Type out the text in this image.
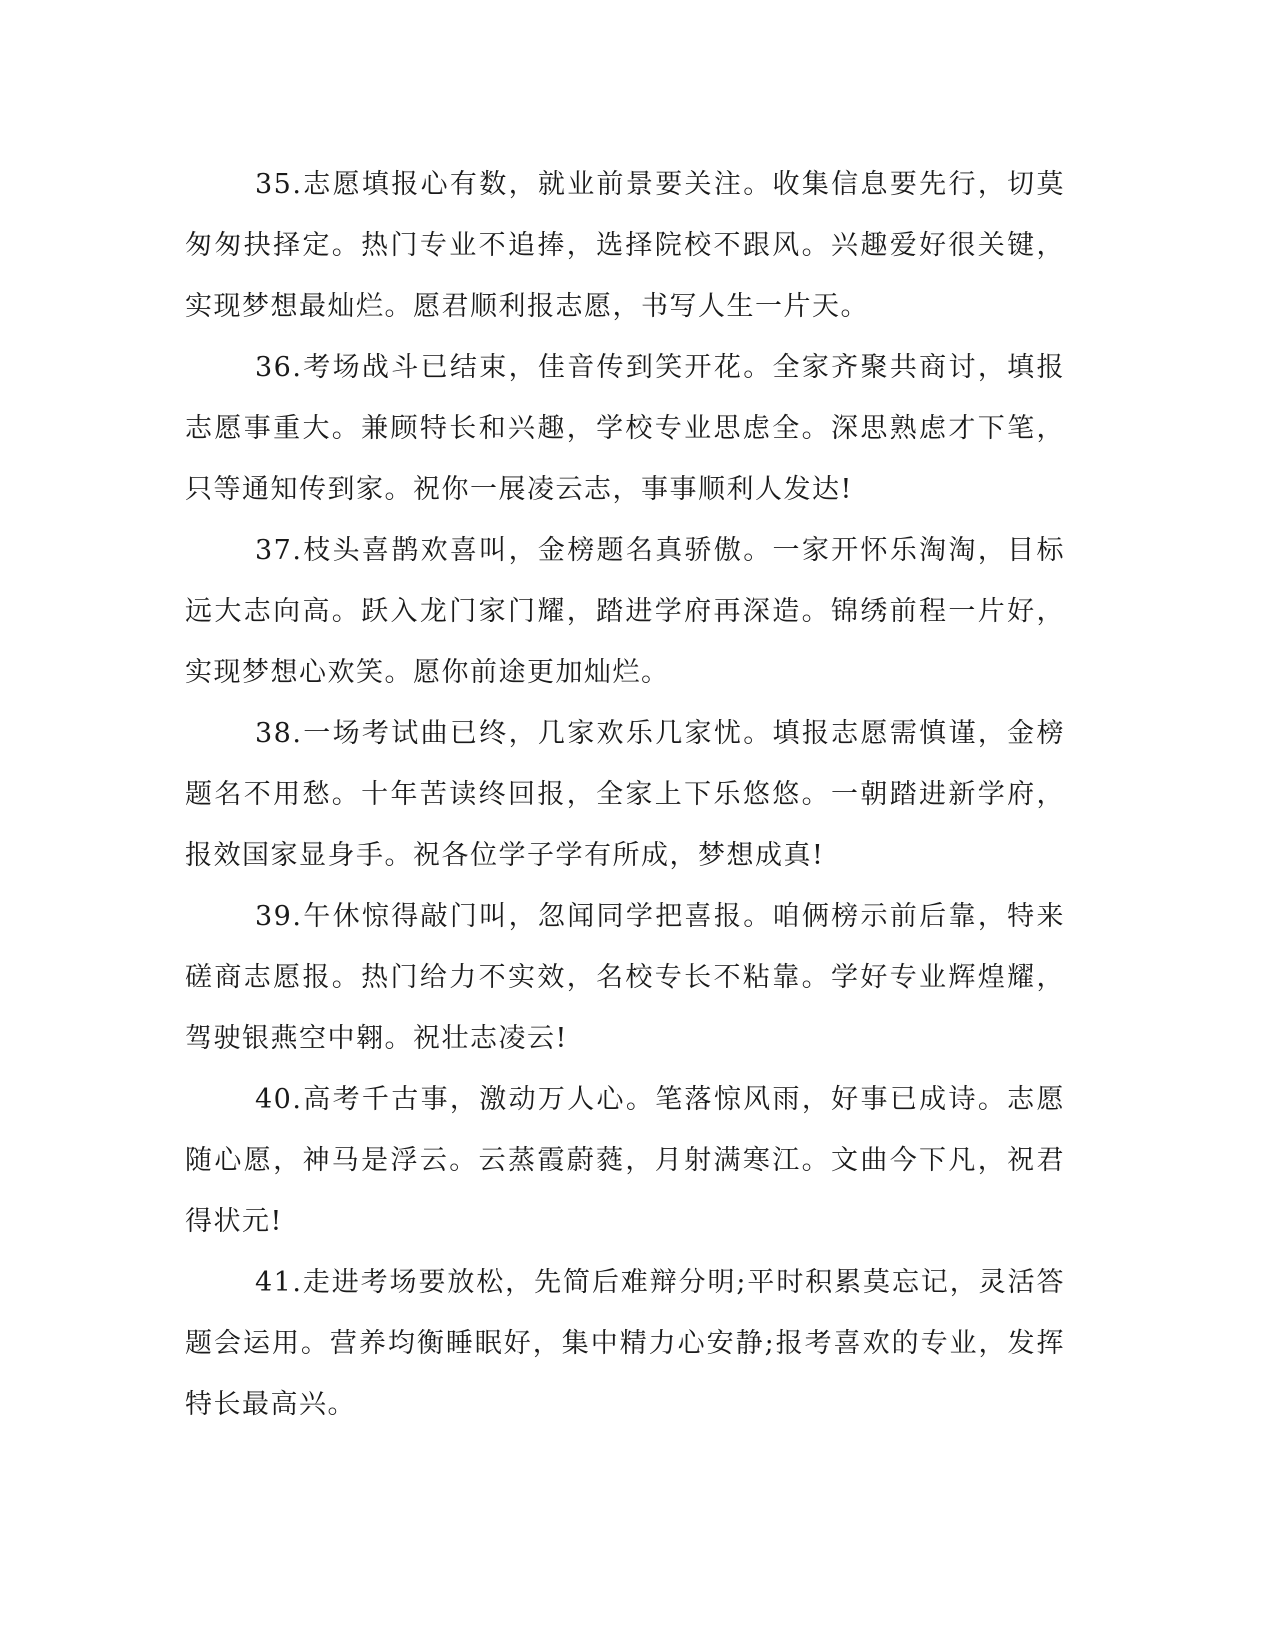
35.志愿填报心有数，就业前景要关注。收集信息要先行，切莫匆匆抉择定。热门专业不追捧，选择院校不跟风。兴趣爱好很关键，实现梦想最灿烂。愿君顺利报志愿，书写人生一片天。

36.考场战斗已结束，佳音传到笑开花。全家齐聚共商讨，填报志愿事重大。兼顾特长和兴趣，学校专业思虑全。深思熟虑才下笔，只等通知传到家。祝你一展凌云志，事事顺利人发达!

37.枝头喜鹊欢喜叫，金榜题名真骄傲。一家开怀乐淘淘，目标远大志向高。跃入龙门家门耀，踏进学府再深造。锦绣前程一片好，实现梦想心欢笑。愿你前途更加灿烂。

38.一场考试曲已终，几家欢乐几家忧。填报志愿需慎谨，金榜题名不用愁。十年苦读终回报，全家上下乐悠悠。一朝踏进新学府，报效国家显身手。祝各位学子学有所成，梦想成真!

39.午休惊得敲门叫，忽闻同学把喜报。咱俩榜示前后靠，特来磋商志愿报。热门给力不实效，名校专长不粘靠。学好专业辉煌耀，驾驶银燕空中翱。祝壮志凌云!

40.高考千古事，激动万人心。笔落惊风雨，好事已成诗。志愿随心愿，神马是浮云。云蒸霞蔚蕤，月射满寒江。文曲今下凡，祝君得状元!

41.走进考场要放松，先简后难辩分明;平时积累莫忘记，灵活答题会运用。营养均衡睡眠好，集中精力心安静;报考喜欢的专业，发挥特长最高兴。
